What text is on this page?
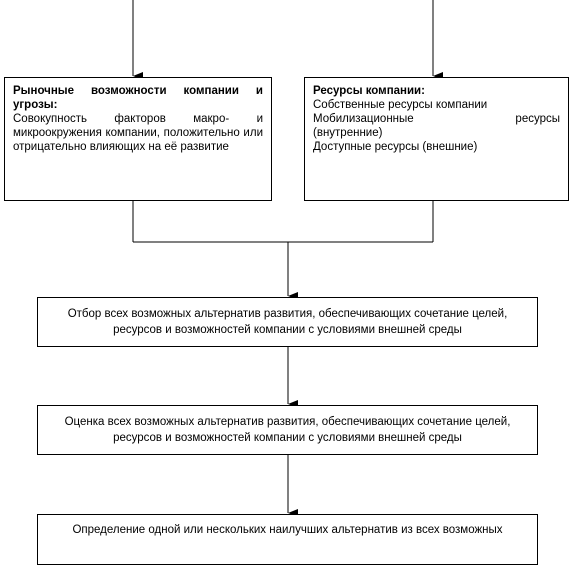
Рыночные возможности компании и угрозы:
Совокупность факторов макро- и микроокружения компании, положительно или отрицательно влияющих на её развитие
Ресурсы компании:
Собственные ресурсы компании
Мобилизационные	ресурсы
(внутренние)
Доступные ресурсы (внешние)
Отбор всех возможных альтернатив развития, обеспечивающих сочетание целей, ресурсов и возможностей компании с условиями внешней среды
Оценка всех возможных альтернатив развития, обеспечивающих сочетание целей, ресурсов и возможностей компании с условиями внешней среды
Определение одной или нескольких наилучших альтернатив из всех возможных
